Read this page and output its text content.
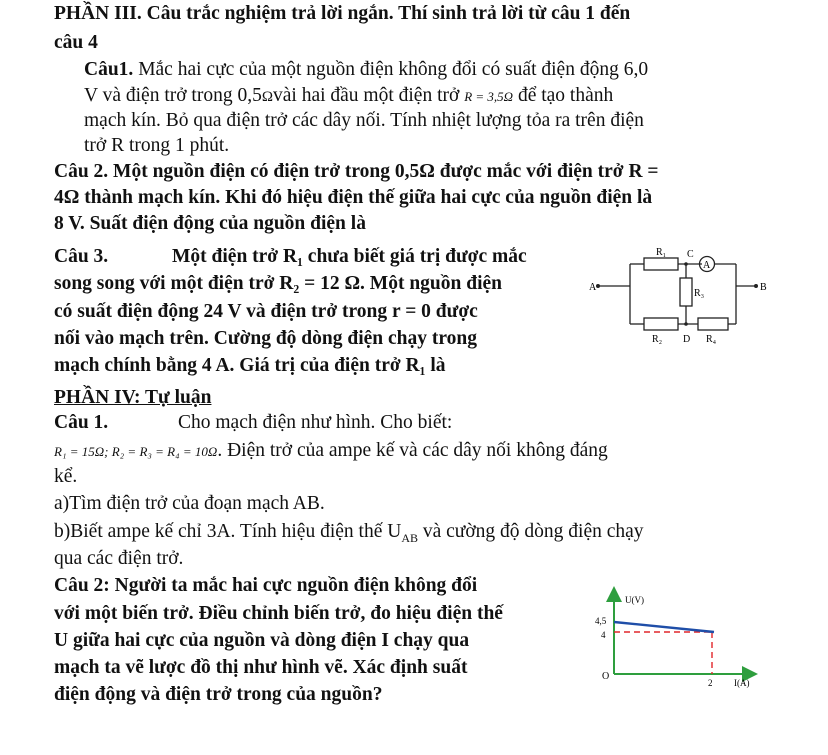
PHẦN III. Câu trắc nghiệm trả lời ngắn. Thí sinh trả lời từ câu 1 đến
câu 4
Câu1. Mắc hai cực của một nguồn điện không đổi có suất điện động 6,0
V và điện trở trong 0,5Ωvài hai đầu một điện trở R = 3,5Ω để tạo thành
mạch kín. Bỏ qua điện trở các dây nối. Tính nhiệt lượng tỏa ra trên điện
trở R trong 1 phút.
Câu 2. Một nguồn điện có điện trở trong 0,5Ω được mắc với điện trở R =
4Ω thành mạch kín. Khi đó hiệu điện thế giữa hai cực của nguồn điện là
8 V. Suất điện động của nguồn điện là
Câu 3.	Một điện trở R₁ chưa biết giá trị được mắc
song song với một điện trở R₂ = 12 Ω. Một nguồn điện
có suất điện động 24 V và điện trở trong r = 0 được
nối vào mạch trên. Cường độ dòng điện chạy trong
mạch chính bằng 4 A. Giá trị của điện trở R₁ là
R₁ C
A
A	B
R₃
R₂ D R₄
PHẦN IV: Tự luận
Câu 1.	Cho mạch điện như hình. Cho biết:
R₁ = 15Ω; R₂ = R₃ = R₄ = 10Ω. Điện trở của ampe kế và các dây nối không đáng
kể.
a)Tìm điện trở của đoạn mạch AB.
b)Biết ampe kế chỉ 3A. Tính hiệu điện thế $U_{AB}$ và cường độ dòng điện chạy
qua các điện trở.
Câu 2: Người ta mắc hai cực nguồn điện không đổi
với một biến trở. Điều chỉnh biến trở, đo hiệu điện thế
U giữa hai cực của nguồn và dòng điện I chạy qua
mạch ta vẽ lược đồ thị như hình vẽ. Xác định suất
điện động và điện trở trong của nguồn?
U(V)
4,5
4
O
2 I(A)
